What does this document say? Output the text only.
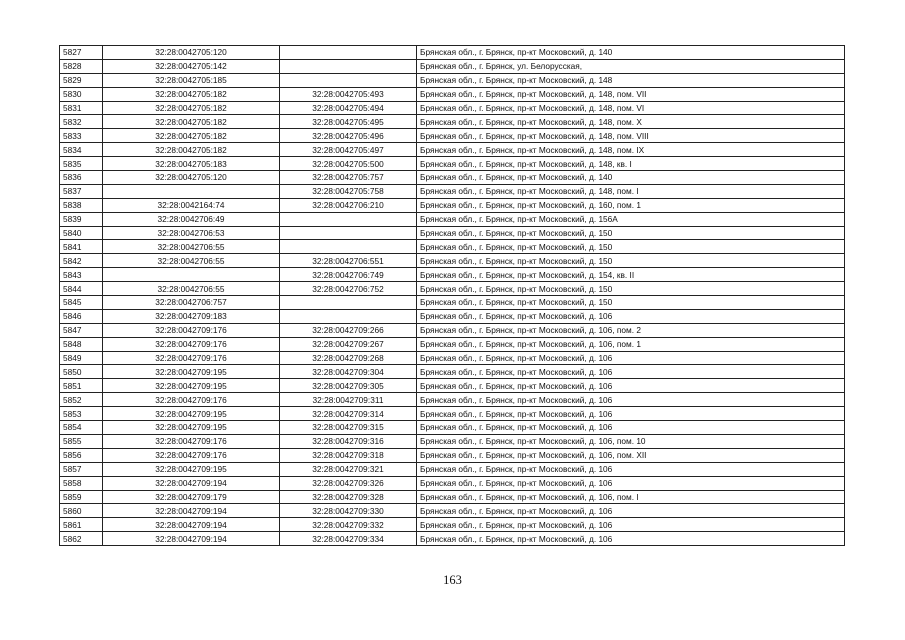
5827	32:28:0042705:120		Брянская обл., г. Брянск, пр-кт Московский, д. 140
5828	32:28:0042705:142		Брянская обл., г. Брянск, ул. Белорусская,
5829	32:28:0042705:185		Брянская обл., г. Брянск, пр-кт Московский, д. 148
5830	32:28:0042705:182	32:28:0042705:493	Брянская обл., г. Брянск, пр-кт Московский, д. 148, пом. VII
5831	32:28:0042705:182	32:28:0042705:494	Брянская обл., г. Брянск, пр-кт Московский, д. 148, пом. VI
5832	32:28:0042705:182	32:28:0042705:495	Брянская обл., г. Брянск, пр-кт Московский, д. 148, пом. X
5833	32:28:0042705:182	32:28:0042705:496	Брянская обл., г. Брянск, пр-кт Московский, д. 148, пом. VIII
5834	32:28:0042705:182	32:28:0042705:497	Брянская обл., г. Брянск, пр-кт Московский, д. 148, пом. IX
5835	32:28:0042705:183	32:28:0042705:500	Брянская обл., г. Брянск, пр-кт Московский, д. 148, кв. I
5836	32:28:0042705:120	32:28:0042705:757	Брянская обл., г. Брянск, пр-кт Московский, д. 140
5837		32:28:0042705:758	Брянская обл., г. Брянск, пр-кт Московский, д. 148, пом. I
5838	32:28:0042164:74	32:28:0042706:210	Брянская обл., г. Брянск, пр-кт Московский, д. 160, пом. 1
5839	32:28:0042706:49		Брянская обл., г. Брянск, пр-кт Московский, д. 156А
5840	32:28:0042706:53		Брянская обл., г. Брянск, пр-кт Московский, д. 150
5841	32:28:0042706:55		Брянская обл., г. Брянск, пр-кт Московский, д. 150
5842	32:28:0042706:55	32:28:0042706:551	Брянская обл., г. Брянск, пр-кт Московский, д. 150
5843		32:28:0042706:749	Брянская обл., г. Брянск, пр-кт Московский, д. 154, кв. II
5844	32:28:0042706:55	32:28:0042706:752	Брянская обл., г. Брянск, пр-кт Московский, д. 150
5845	32:28:0042706:757		Брянская обл., г. Брянск, пр-кт Московский, д. 150
5846	32:28:0042709:183		Брянская обл., г. Брянск, пр-кт Московский, д. 106
5847	32:28:0042709:176	32:28:0042709:266	Брянская обл., г. Брянск, пр-кт Московский, д. 106, пом. 2
5848	32:28:0042709:176	32:28:0042709:267	Брянская обл., г. Брянск, пр-кт Московский, д. 106, пом. 1
5849	32:28:0042709:176	32:28:0042709:268	Брянская обл., г. Брянск, пр-кт Московский, д. 106
5850	32:28:0042709:195	32:28:0042709:304	Брянская обл., г. Брянск, пр-кт Московский, д. 106
5851	32:28:0042709:195	32:28:0042709:305	Брянская обл., г. Брянск, пр-кт Московский, д. 106
5852	32:28:0042709:176	32:28:0042709:311	Брянская обл., г. Брянск, пр-кт Московский, д. 106
5853	32:28:0042709:195	32:28:0042709:314	Брянская обл., г. Брянск, пр-кт Московский, д. 106
5854	32:28:0042709:195	32:28:0042709:315	Брянская обл., г. Брянск, пр-кт Московский, д. 106
5855	32:28:0042709:176	32:28:0042709:316	Брянская обл., г. Брянск, пр-кт Московский, д. 106, пом. 10
5856	32:28:0042709:176	32:28:0042709:318	Брянская обл., г. Брянск, пр-кт Московский, д. 106, пом. XII
5857	32:28:0042709:195	32:28:0042709:321	Брянская обл., г. Брянск, пр-кт Московский, д. 106
5858	32:28:0042709:194	32:28:0042709:326	Брянская обл., г. Брянск, пр-кт Московский, д. 106
5859	32:28:0042709:179	32:28:0042709:328	Брянская обл., г. Брянск, пр-кт Московский, д. 106, пом. I
5860	32:28:0042709:194	32:28:0042709:330	Брянская обл., г. Брянск, пр-кт Московский, д. 106
5861	32:28:0042709:194	32:28:0042709:332	Брянская обл., г. Брянск, пр-кт Московский, д. 106
5862	32:28:0042709:194	32:28:0042709:334	Брянская обл., г. Брянск, пр-кт Московский, д. 106
163
